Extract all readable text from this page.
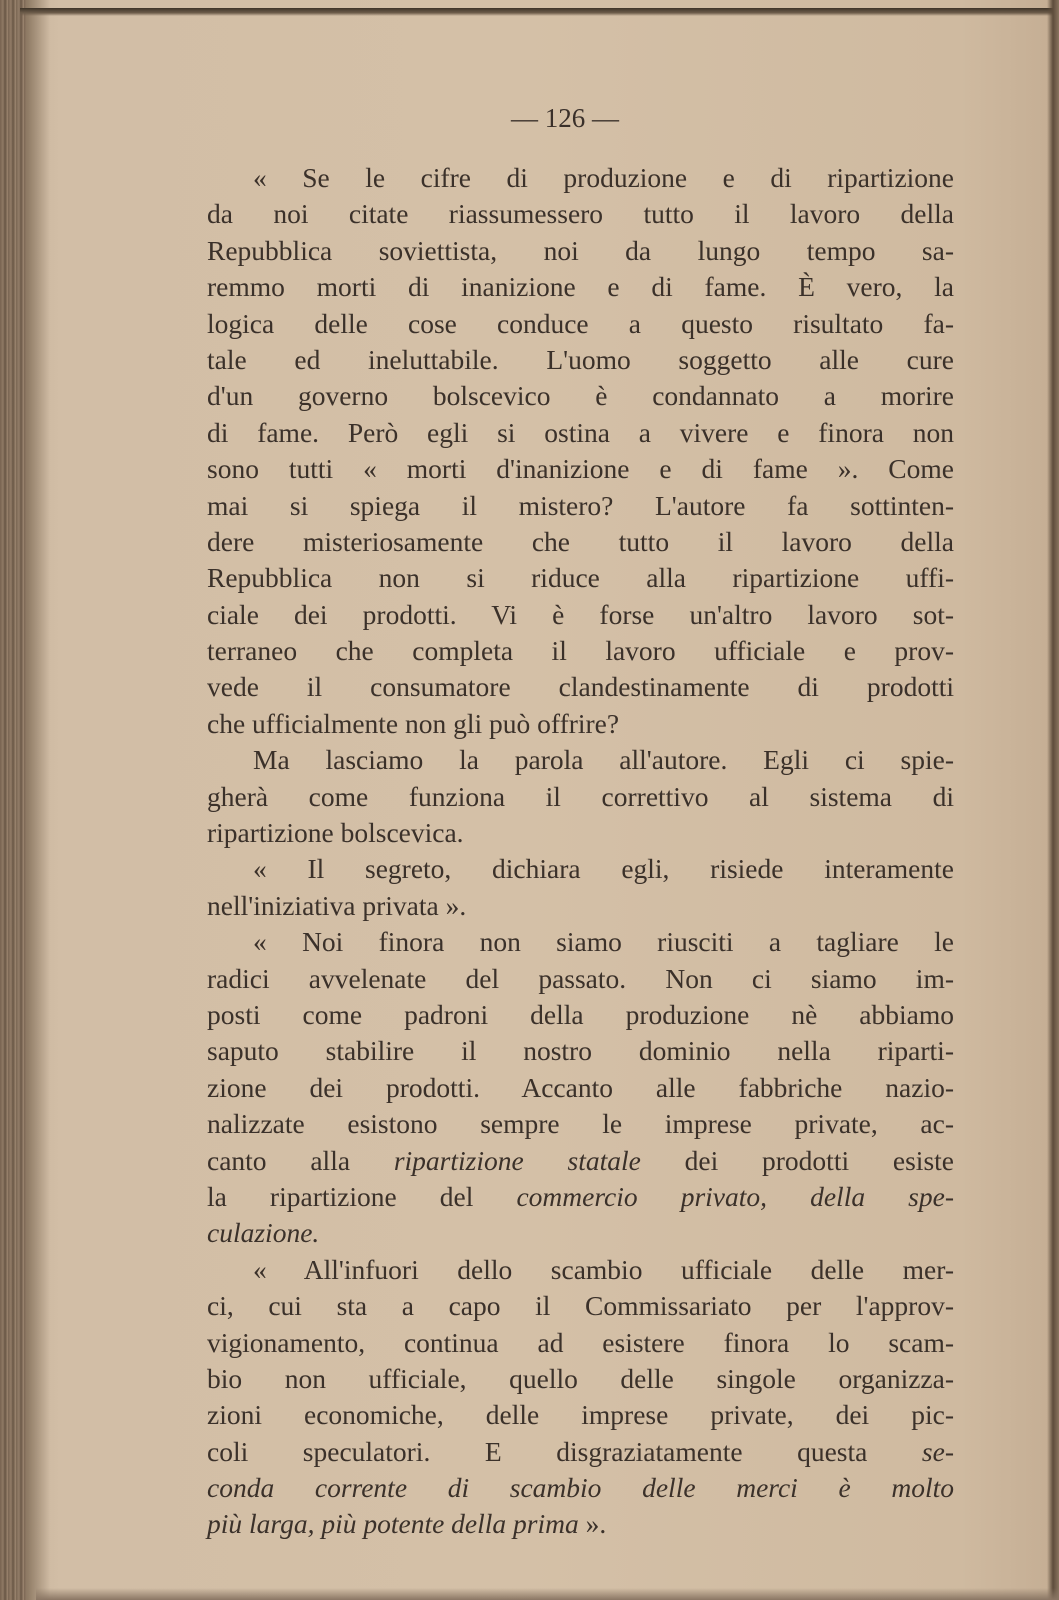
— 126 —
« Se le cifre di produzione e di ripartizione
da noi citate riassumessero tutto il lavoro della
Repubblica soviettista, noi da lungo tempo sa-
remmo morti di inanizione e di fame. È vero, la
logica delle cose conduce a questo risultato fa-
tale ed ineluttabile. L'uomo soggetto alle cure
d'un governo bolscevico è condannato a morire
di fame. Però egli si ostina a vivere e finora non
sono tutti « morti d'inanizione e di fame ». Come
mai si spiega il mistero? L'autore fa sottinten-
dere misteriosamente che tutto il lavoro della
Repubblica non si riduce alla ripartizione uffi-
ciale dei prodotti. Vi è forse un'altro lavoro sot-
terraneo che completa il lavoro ufficiale e prov-
vede il consumatore clandestinamente di prodotti
che ufficialmente non gli può offrire?
Ma lasciamo la parola all'autore. Egli ci spie-
gherà come funziona il correttivo al sistema di
ripartizione bolscevica.
« Il segreto, dichiara egli, risiede interamente
nell'iniziativa privata ».
« Noi finora non siamo riusciti a tagliare le
radici avvelenate del passato. Non ci siamo im-
posti come padroni della produzione nè abbiamo
saputo stabilire il nostro dominio nella riparti-
zione dei prodotti. Accanto alle fabbriche nazio-
nalizzate esistono sempre le imprese private, ac-
canto alla ripartizione statale dei prodotti esiste
la ripartizione del commercio privato, della spe-
culazione.
« All'infuori dello scambio ufficiale delle mer-
ci, cui sta a capo il Commissariato per l'approv-
vigionamento, continua ad esistere finora lo scam-
bio non ufficiale, quello delle singole organizza-
zioni economiche, delle imprese private, dei pic-
coli speculatori. E disgraziatamente questa se-
conda corrente di scambio delle merci è molto
più larga, più potente della prima ».
